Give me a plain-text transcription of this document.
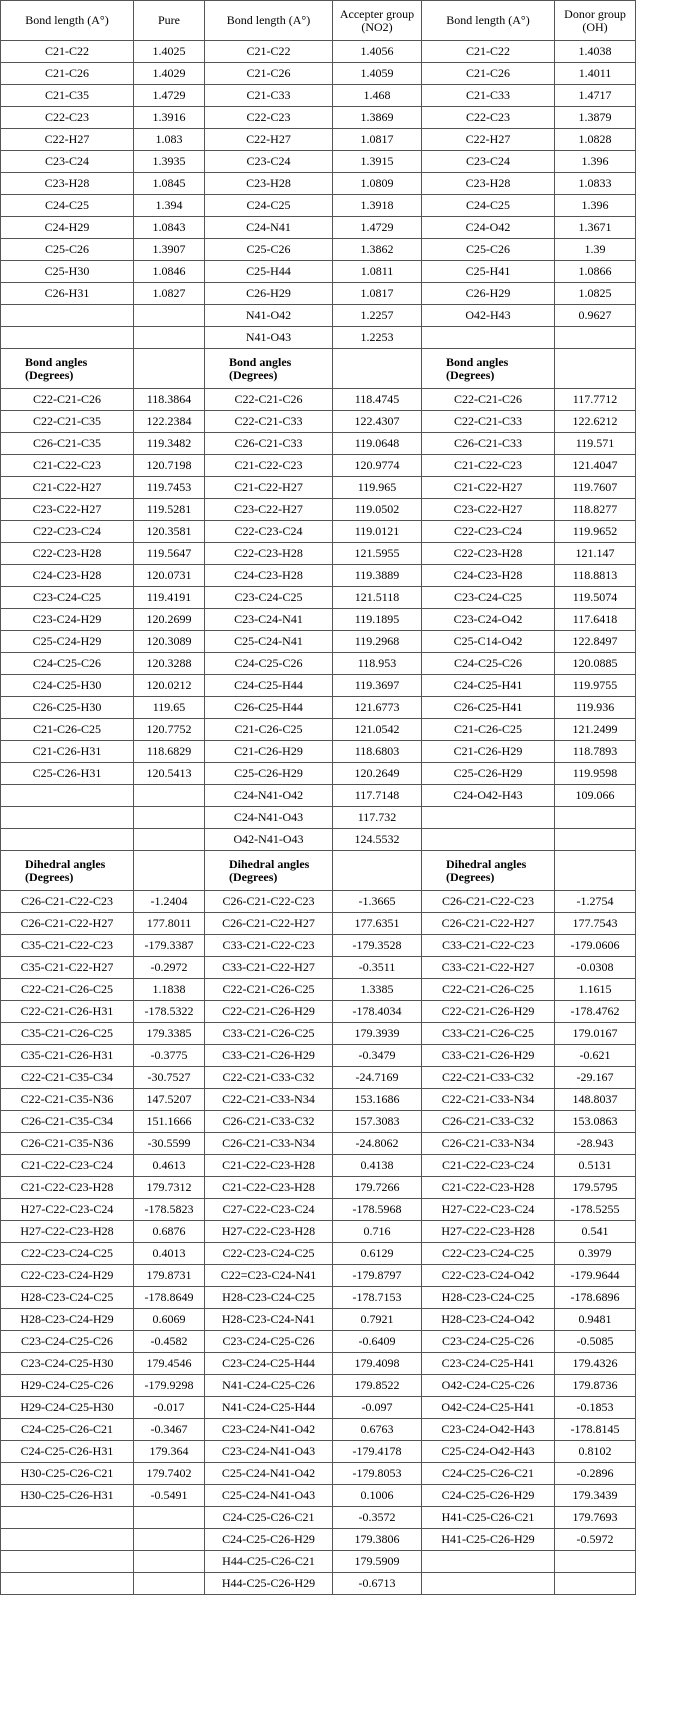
Bond length (A°)	Pure	Bond length (A°)	Accepter group (NO2)	Bond length (A°)	Donor group (OH)
C21-C22	1.4025	C21-C22	1.4056	C21-C22	1.4038
C21-C26	1.4029	C21-C26	1.4059	C21-C26	1.4011
C21-C35	1.4729	C21-C33	1.468	C21-C33	1.4717
C22-C23	1.3916	C22-C23	1.3869	C22-C23	1.3879
C22-H27	1.083	C22-H27	1.0817	C22-H27	1.0828
C23-C24	1.3935	C23-C24	1.3915	C23-C24	1.396
C23-H28	1.0845	C23-H28	1.0809	C23-H28	1.0833
C24-C25	1.394	C24-C25	1.3918	C24-C25	1.396
C24-H29	1.0843	C24-N41	1.4729	C24-O42	1.3671
C25-C26	1.3907	C25-C26	1.3862	C25-C26	1.39
C25-H30	1.0846	C25-H44	1.0811	C25-H41	1.0866
C26-H31	1.0827	C26-H29	1.0817	C26-H29	1.0825
		N41-O42	1.2257	O42-H43	0.9627
		N41-O43	1.2253		
Bond angles (Degrees)		Bond angles (Degrees)		Bond angles (Degrees)	
C22-C21-C26	118.3864	C22-C21-C26	118.4745	C22-C21-C26	117.7712
C22-C21-C35	122.2384	C22-C21-C33	122.4307	C22-C21-C33	122.6212
C26-C21-C35	119.3482	C26-C21-C33	119.0648	C26-C21-C33	119.571
C21-C22-C23	120.7198	C21-C22-C23	120.9774	C21-C22-C23	121.4047
C21-C22-H27	119.7453	C21-C22-H27	119.965	C21-C22-H27	119.7607
C23-C22-H27	119.5281	C23-C22-H27	119.0502	C23-C22-H27	118.8277
C22-C23-C24	120.3581	C22-C23-C24	119.0121	C22-C23-C24	119.9652
C22-C23-H28	119.5647	C22-C23-H28	121.5955	C22-C23-H28	121.147
C24-C23-H28	120.0731	C24-C23-H28	119.3889	C24-C23-H28	118.8813
C23-C24-C25	119.4191	C23-C24-C25	121.5118	C23-C24-C25	119.5074
C23-C24-H29	120.2699	C23-C24-N41	119.1895	C23-C24-O42	117.6418
C25-C24-H29	120.3089	C25-C24-N41	119.2968	C25-C14-O42	122.8497
C24-C25-C26	120.3288	C24-C25-C26	118.953	C24-C25-C26	120.0885
C24-C25-H30	120.0212	C24-C25-H44	119.3697	C24-C25-H41	119.9755
C26-C25-H30	119.65	C26-C25-H44	121.6773	C26-C25-H41	119.936
C21-C26-C25	120.7752	C21-C26-C25	121.0542	C21-C26-C25	121.2499
C21-C26-H31	118.6829	C21-C26-H29	118.6803	C21-C26-H29	118.7893
C25-C26-H31	120.5413	C25-C26-H29	120.2649	C25-C26-H29	119.9598
		C24-N41-O42	117.7148	C24-O42-H43	109.066
		C24-N41-O43	117.732		
		O42-N41-O43	124.5532		
Dihedral angles (Degrees)		Dihedral angles (Degrees)		Dihedral angles (Degrees)	
C26-C21-C22-C23	-1.2404	C26-C21-C22-C23	-1.3665	C26-C21-C22-C23	-1.2754
C26-C21-C22-H27	177.8011	C26-C21-C22-H27	177.6351	C26-C21-C22-H27	177.7543
C35-C21-C22-C23	-179.3387	C33-C21-C22-C23	-179.3528	C33-C21-C22-C23	-179.0606
C35-C21-C22-H27	-0.2972	C33-C21-C22-H27	-0.3511	C33-C21-C22-H27	-0.0308
C22-C21-C26-C25	1.1838	C22-C21-C26-C25	1.3385	C22-C21-C26-C25	1.1615
C22-C21-C26-H31	-178.5322	C22-C21-C26-H29	-178.4034	C22-C21-C26-H29	-178.4762
C35-C21-C26-C25	179.3385	C33-C21-C26-C25	179.3939	C33-C21-C26-C25	179.0167
C35-C21-C26-H31	-0.3775	C33-C21-C26-H29	-0.3479	C33-C21-C26-H29	-0.621
C22-C21-C35-C34	-30.7527	C22-C21-C33-C32	-24.7169	C22-C21-C33-C32	-29.167
C22-C21-C35-N36	147.5207	C22-C21-C33-N34	153.1686	C22-C21-C33-N34	148.8037
C26-C21-C35-C34	151.1666	C26-C21-C33-C32	157.3083	C26-C21-C33-C32	153.0863
C26-C21-C35-N36	-30.5599	C26-C21-C33-N34	-24.8062	C26-C21-C33-N34	-28.943
C21-C22-C23-C24	0.4613	C21-C22-C23-H28	0.4138	C21-C22-C23-C24	0.5131
C21-C22-C23-H28	179.7312	C21-C22-C23-H28	179.7266	C21-C22-C23-H28	179.5795
H27-C22-C23-C24	-178.5823	C27-C22-C23-C24	-178.5968	H27-C22-C23-C24	-178.5255
H27-C22-C23-H28	0.6876	H27-C22-C23-H28	0.716	H27-C22-C23-H28	0.541
C22-C23-C24-C25	0.4013	C22-C23-C24-C25	0.6129	C22-C23-C24-C25	0.3979
C22-C23-C24-H29	179.8731	C22=C23-C24-N41	-179.8797	C22-C23-C24-O42	-179.9644
H28-C23-C24-C25	-178.8649	H28-C23-C24-C25	-178.7153	H28-C23-C24-C25	-178.6896
H28-C23-C24-H29	0.6069	H28-C23-C24-N41	0.7921	H28-C23-C24-O42	0.9481
C23-C24-C25-C26	-0.4582	C23-C24-C25-C26	-0.6409	C23-C24-C25-C26	-0.5085
C23-C24-C25-H30	179.4546	C23-C24-C25-H44	179.4098	C23-C24-C25-H41	179.4326
H29-C24-C25-C26	-179.9298	N41-C24-C25-C26	179.8522	O42-C24-C25-C26	179.8736
H29-C24-C25-H30	-0.017	N41-C24-C25-H44	-0.097	O42-C24-C25-H41	-0.1853
C24-C25-C26-C21	-0.3467	C23-C24-N41-O42	0.6763	C23-C24-O42-H43	-178.8145
C24-C25-C26-H31	179.364	C23-C24-N41-O43	-179.4178	C25-C24-O42-H43	0.8102
H30-C25-C26-C21	179.7402	C25-C24-N41-O42	-179.8053	C24-C25-C26-C21	-0.2896
H30-C25-C26-H31	-0.5491	C25-C24-N41-O43	0.1006	C24-C25-C26-H29	179.3439
		C24-C25-C26-C21	-0.3572	H41-C25-C26-C21	179.7693
		C24-C25-C26-H29	179.3806	H41-C25-C26-H29	-0.5972
		H44-C25-C26-C21	179.5909		
		H44-C25-C26-H29	-0.6713		
